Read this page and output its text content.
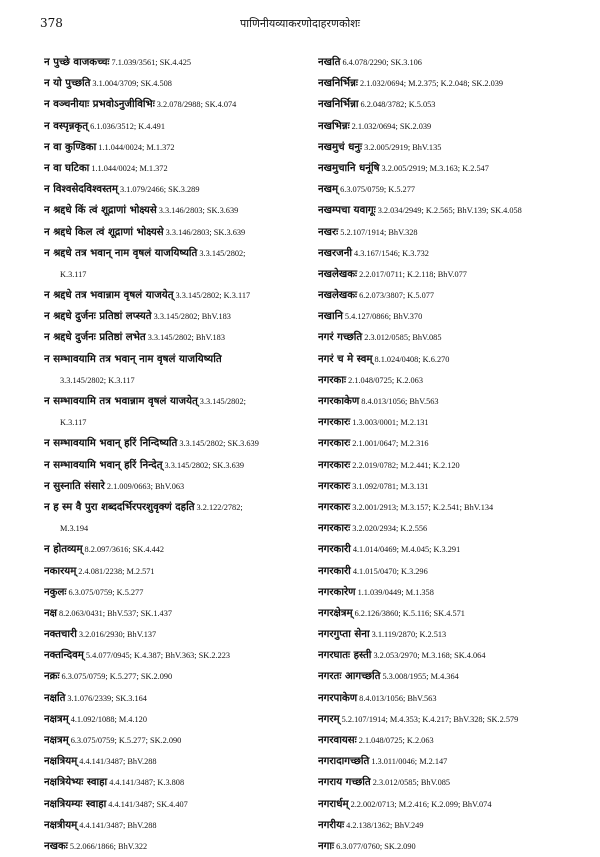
378	पाणिनीयव्याकरणोदाहरणकोशः
न पुच्छे वाजकच्चः 7.1.039/3561; SK.4.425
न यो पुच्छति 3.1.004/3709; SK.4.508
न वञ्चनीयाः प्रभवोऽनुजीविभिः 3.2.078/2988; SK.4.074
न वस्पृन्नकृत् 6.1.036/3512; K.4.491
न वा कुण्डिका 1.1.044/0024; M.1.372
न वा घटिका 1.1.044/0024; M.1.372
न विश्वसेदविश्वस्तम् 3.1.079/2466; SK.3.289
न श्रद्दधे किं त्वं शूद्राणां भोक्ष्यसे 3.3.146/2803; SK.3.639
न श्रद्दधे किल त्वं शूद्राणां भोक्ष्यसे 3.3.146/2803; SK.3.639
न श्रद्दधे तत्र भवान् नाम वृषलं याजयिष्यति 3.3.145/2802;
K.3.117
न श्रद्दधे तत्र भवान्नाम वृषलं याजयेत् 3.3.145/2802; K.3.117
न श्रद्दधे दुर्जनः प्रतिष्ठां लप्स्यते 3.3.145/2802; BhV.183
न श्रद्दधे दुर्जनः प्रतिष्ठां लभेत 3.3.145/2802; BhV.183
न सम्भावयामि तत्र भवान् नाम वृषलं याजयिष्यति
3.3.145/2802; K.3.117
न सम्भावयामि तत्र भवान्नाम वृषलं याजयेत् 3.3.145/2802;
K.3.117
न सम्भावयामि भवान् हरिं निन्दिष्यति 3.3.145/2802; SK.3.639
न सम्भावयामि भवान् हरिं निन्देत् 3.3.145/2802; SK.3.639
न सुस्नाति संसारे 2.1.009/0663; BhV.063
न ह स्म वै पुरा शब्ददर्भिरपरशुवृक्णं दहति 3.2.122/2782;
M.3.194
न होतव्यम् 8.2.097/3616; SK.4.442
नकारयम् 2.4.081/2238; M.2.571
नकुलः 6.3.075/0759; K.5.277
नक्ष 8.2.063/0431; BhV.537; SK.1.437
नक्तचारी 3.2.016/2930; BhV.137
नक्तन्दिवम् 5.4.077/0945; K.4.387; BhV.363; SK.2.223
नक्रः 6.3.075/0759; K.5.277; SK.2.090
नक्षति 3.1.076/2339; SK.3.164
नक्षत्रम् 4.1.092/1088; M.4.120
नक्षत्रम् 6.3.075/0759; K.5.277; SK.2.090
नक्षत्रियम् 4.4.141/3487; BhV.288
नक्षत्रियेभ्यः स्वाहा 4.4.141/3487; K.3.808
नक्षत्रियम्यः स्वाहा 4.4.141/3487; SK.4.407
नक्षत्रीयम् 4.4.141/3487; BhV.288
नखकः 5.2.066/1866; BhV.322
नखति 6.4.078/2290; SK.3.106
नखनिर्भिन्नः 2.1.032/0694; M.2.375; K.2.048; SK.2.039
नखनिर्भिन्ना 6.2.048/3782; K.5.053
नखभिन्नः 2.1.032/0694; SK.2.039
नखमुचं धनुः 3.2.005/2919; BhV.135
नखमुचानि धनूंषि 3.2.005/2919; M.3.163; K.2.547
नखम् 6.3.075/0759; K.5.277
नखम्पचा यवागूः 3.2.034/2949; K.2.565; BhV.139; SK.4.058
नखरः 5.2.107/1914; BhV.328
नखरजनी 4.3.167/1546; K.3.732
नखलेखकः 2.2.017/0711; K.2.118; BhV.077
नखलेखकः 6.2.073/3807; K.5.077
नखानि 5.4.127/0866; BhV.370
नगरं गच्छति 2.3.012/0585; BhV.085
नगरं च मे स्वम् 8.1.024/0408; K.6.270
नगरकाः 2.1.048/0725; K.2.063
नगरकाकेण 8.4.013/1056; BhV.563
नगरकारः 1.3.003/0001; M.2.131
नगरकारः 2.1.001/0647; M.2.316
नगरकारः 2.2.019/0782; M.2.441; K.2.120
नगरकारः 3.1.092/0781; M.3.131
नगरकारः 3.2.001/2913; M.3.157; K.2.541; BhV.134
नगरकारः 3.2.020/2934; K.2.556
नगरकारी 4.1.014/0469; M.4.045; K.3.291
नगरकारी 4.1.015/0470; K.3.296
नगरकारेण 1.1.039/0449; M.1.358
नगरक्षेत्रम् 6.2.126/3860; K.5.116; SK.4.571
नगरगुप्ता सेना 3.1.119/2870; K.2.513
नगरघातः हस्ती 3.2.053/2970; M.3.168; SK.4.064
नगरतः आगच्छति 5.3.008/1955; M.4.364
नगरपाकेण 8.4.013/1056; BhV.563
नगरम् 5.2.107/1914; M.4.353; K.4.217; BhV.328; SK.2.579
नगरवायसः 2.1.048/0725; K.2.063
नगरादागच्छति 1.3.011/0046; M.2.147
नगराय गच्छति 2.3.012/0585; BhV.085
नगरार्धम् 2.2.002/0713; M.2.416; K.2.099; BhV.074
नगरीयः 4.2.138/1362; BhV.249
नगाः 6.3.077/0760; SK.2.090
